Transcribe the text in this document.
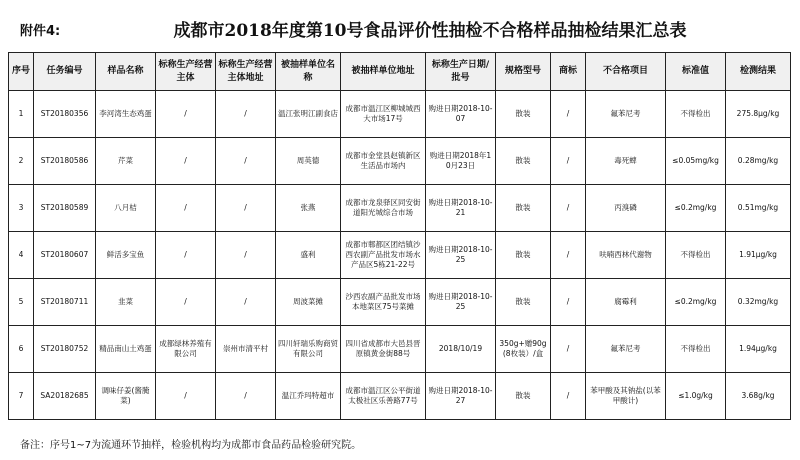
附件4:	成都市2018年度第10号食品评价性抽检不合格样品抽检结果汇总表
序号	任务编号	样品名称	标称生产经营主体	标称生产经营主体地址	被抽样单位名称	被抽样单位地址	标称生产日期/批号	规格型号	商标	不合格项目	标准值	检测结果
1	ST20180356	李河湾生态鸡蛋	/	/	温江张明江副食店	成都市温江区柳城城西大市场17号	购进日期2018-10-07	散装	/	氟苯尼考	不得检出	275.8μg/kg
2	ST20180586	芹菜	/	/	周英德	成都市金堂县赵镇新区生活品市场内	购进日期2018年10月23日	散装	/	毒死蜱	≤0.05mg/kg	0.28mg/kg
3	ST20180589	八月桔	/	/	张燕	成都市龙泉驿区同安街道阳光城综合市场	购进日期2018-10-21	散装	/	丙溴磷	≤0.2mg/kg	0.51mg/kg
4	ST20180607	鲜活多宝鱼	/	/	盛利	成都市郫都区团结镇沙西农副产品批发市场水产品区5栋21-22号	购进日期2018-10-25	散装	/	呋喃西林代谢物	不得检出	1.91μg/kg
5	ST20180711	韭菜	/	/	周波菜摊	沙西农副产品批发市场本地菜区75号菜摊	购进日期2018-10-25	散装	/	腐霉利	≤0.2mg/kg	0.32mg/kg
6	ST20180752	精品南山土鸡蛋	成都绿林养殖有限公司	崇州市清平村	四川轩瑞乐购商贸有限公司	四川省成都市大邑县晋原镇黄金街88号	2018/10/19	350g+赠90g(8枚装）/盒	/	氟苯尼考	不得检出	1.94μg/kg
7	SA20182685	调味仔姜(酱腌菜)	/	/	温江乔玛特超市	成都市温江区公平街道太极社区乐善路77号	购进日期2018-10-27	散装	/	苯甲酸及其钠盐(以苯甲酸计)	≤1.0g/kg	3.68g/kg
备注：序号1~7为流通环节抽样，检验机构均为成都市食品药品检验研究院。
